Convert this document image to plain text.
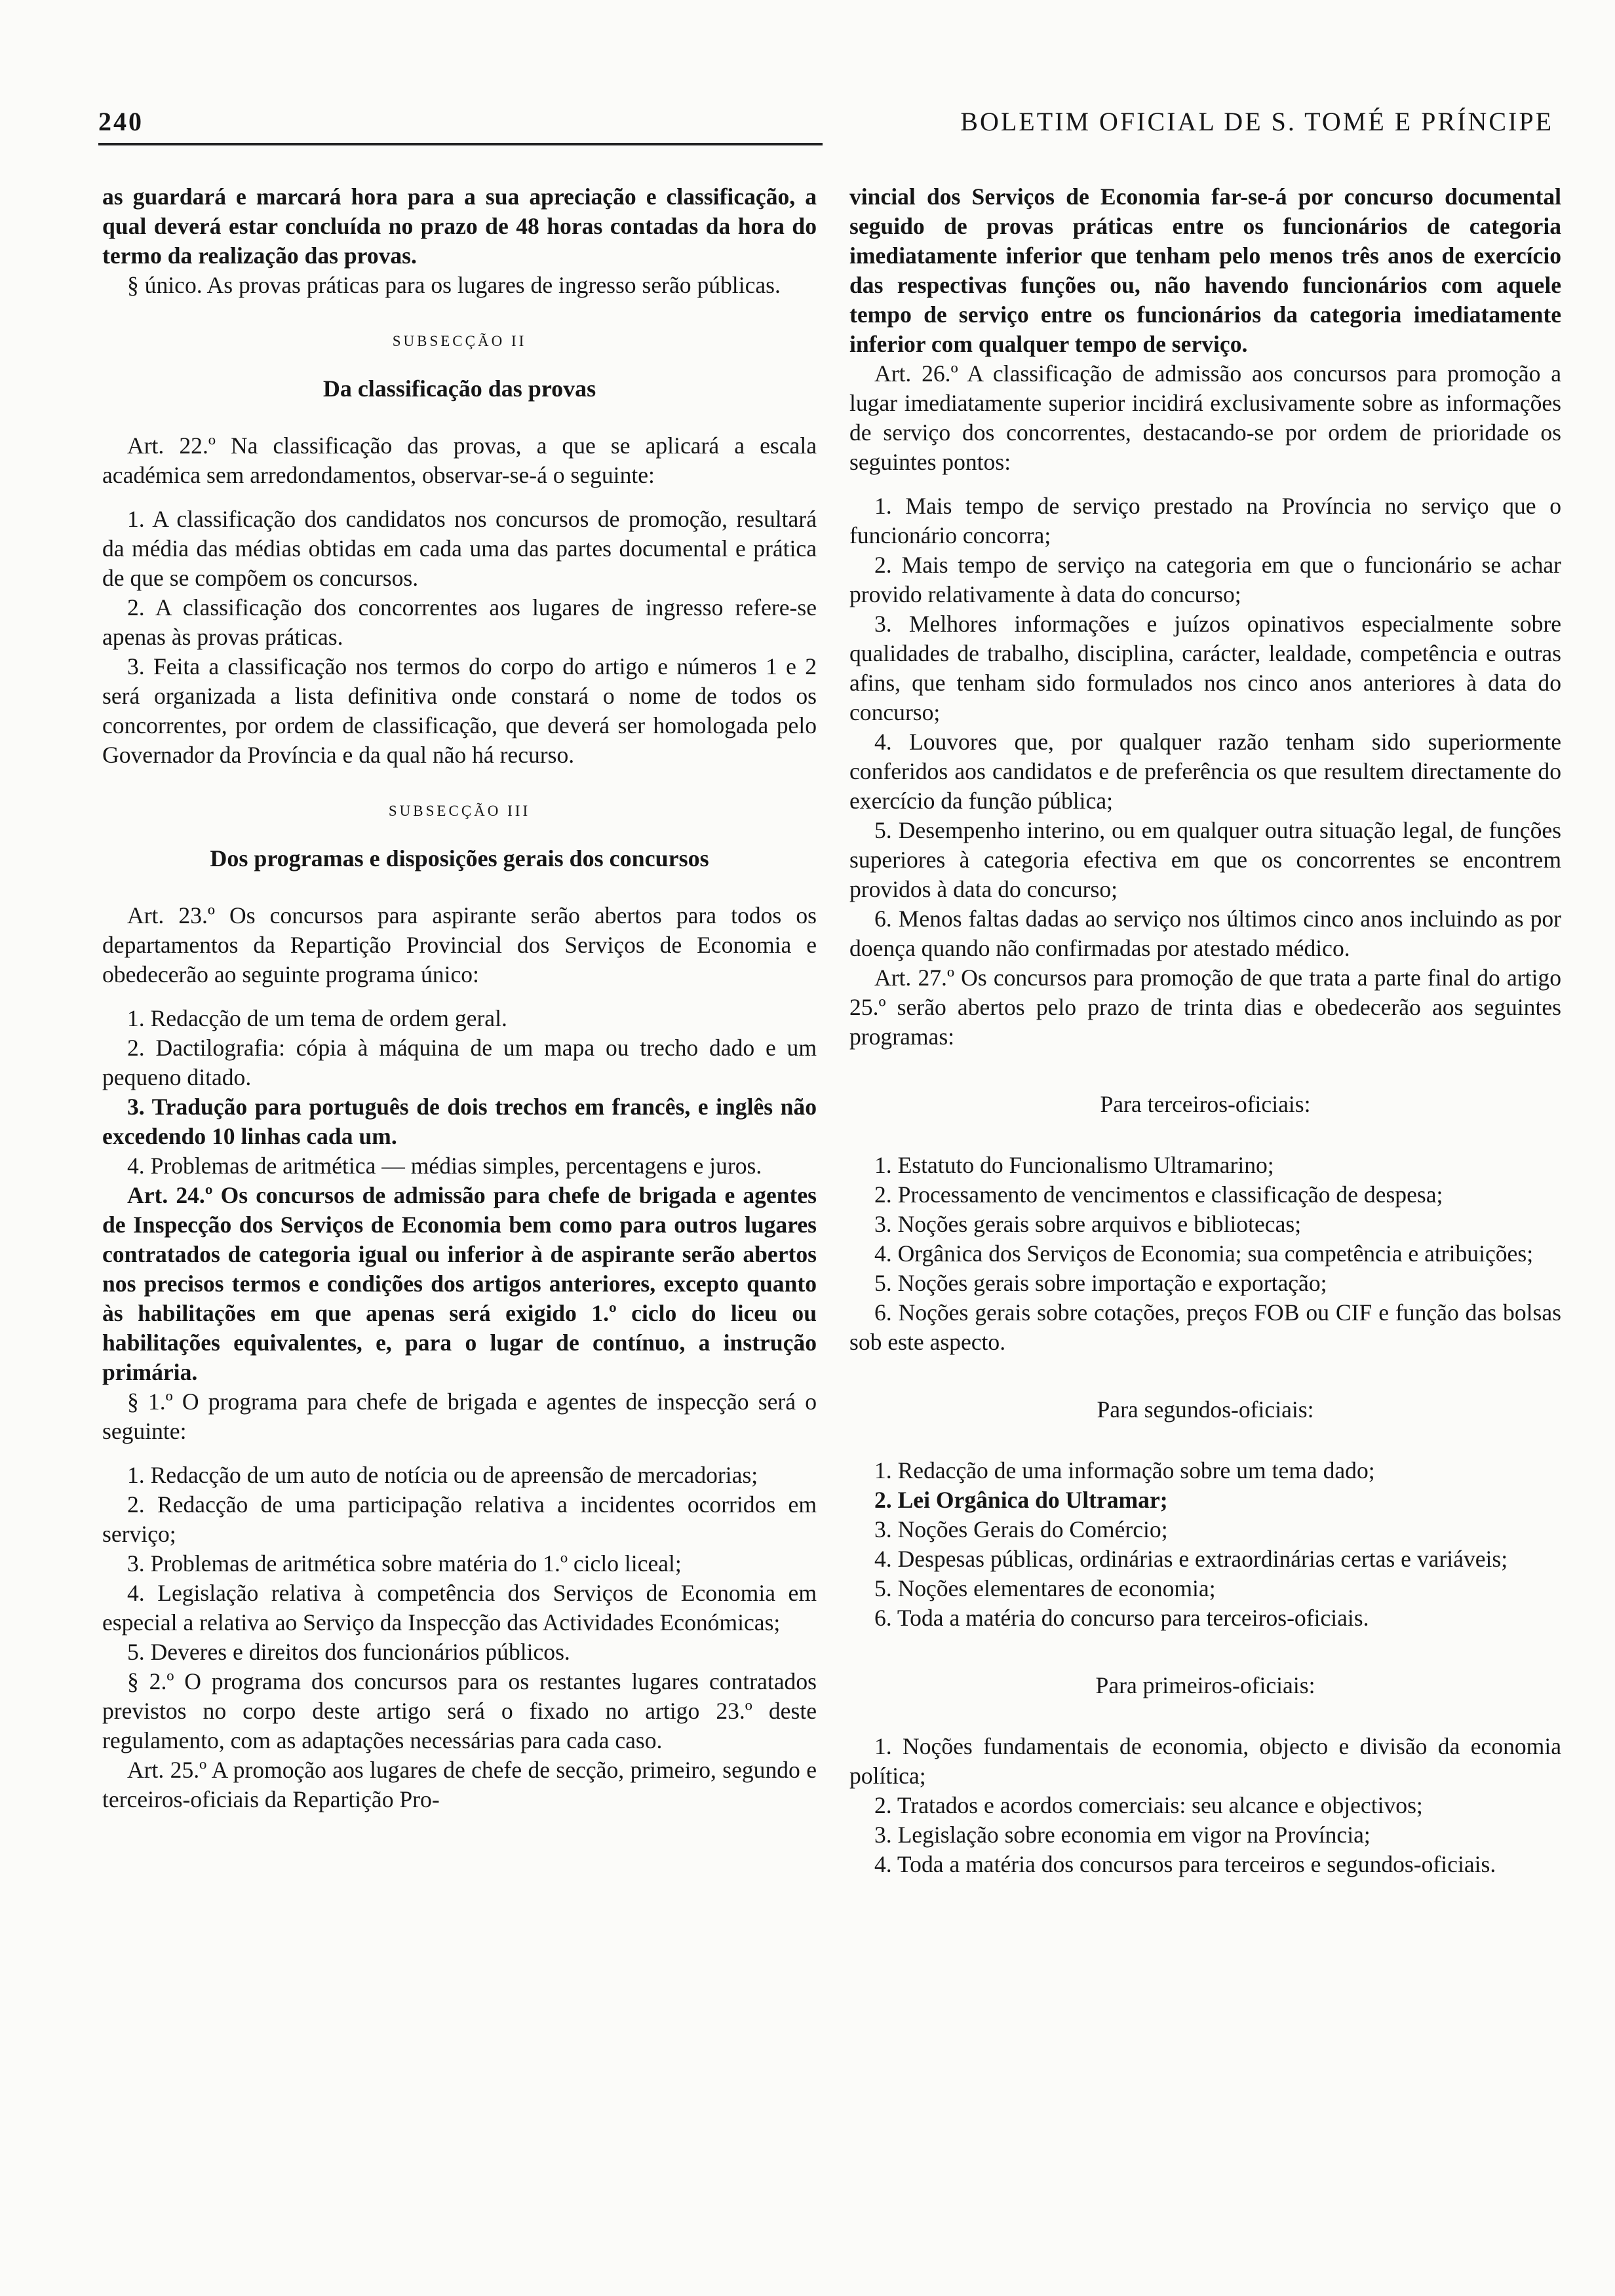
240	BOLETIM OFICIAL DE S. TOMÉ E PRÍNCIPE

as guardará e marcará hora para a sua apreciação e classificação, a qual deverá estar concluída no prazo de 48 horas contadas da hora do termo da realização das provas.

§ único. As provas práticas para os lugares de ingresso serão públicas.

SUBSECÇÃO II
Da classificação das provas

Art. 22.º Na classificação das provas, a que se aplicará a escala académica sem arredondamentos, observar-se-á o seguinte:

1. A classificação dos candidatos nos concursos de promoção, resultará da média das médias obtidas em cada uma das partes documental e prática de que se compõem os concursos.

2. A classificação dos concorrentes aos lugares de ingresso refere-se apenas às provas práticas.

3. Feita a classificação nos termos do corpo do artigo e números 1 e 2 será organizada a lista definitiva onde constará o nome de todos os concorrentes, por ordem de classificação, que deverá ser homologada pelo Governador da Província e da qual não há recurso.

SUBSECÇÃO III
Dos programas e disposições gerais dos concursos

Art. 23.º Os concursos para aspirante serão abertos para todos os departamentos da Repartição Provincial dos Serviços de Economia e obedecerão ao seguinte programa único:

1. Redacção de um tema de ordem geral.

2. Dactilografia: cópia à máquina de um mapa ou trecho dado e um pequeno ditado.

3. Tradução para português de dois trechos em francês, e inglês não excedendo 10 linhas cada um.

4. Problemas de aritmética — médias simples, percentagens e juros.

Art. 24.º Os concursos de admissão para chefe de brigada e agentes de Inspecção dos Serviços de Economia bem como para outros lugares contratados de categoria igual ou inferior à de aspirante serão abertos nos precisos termos e condições dos artigos anteriores, excepto quanto às habilitações em que apenas será exigido 1.º ciclo do liceu ou habilitações equivalentes, e, para o lugar de contínuo, a instrução primária.

§ 1.º O programa para chefe de brigada e agentes de inspecção será o seguinte:

1. Redacção de um auto de notícia ou de apreensão de mercadorias;

2. Redacção de uma participação relativa a incidentes ocorridos em serviço;

3. Problemas de aritmética sobre matéria do 1.º ciclo liceal;

4. Legislação relativa à competência dos Serviços de Economia em especial a relativa ao Serviço da Inspecção das Actividades Económicas;

5. Deveres e direitos dos funcionários públicos.

§ 2.º O programa dos concursos para os restantes lugares contratados previstos no corpo deste artigo será o fixado no artigo 23.º deste regulamento, com as adaptações necessárias para cada caso.

Art. 25.º A promoção aos lugares de chefe de secção, primeiro, segundo e terceiros-oficiais da Repartição Pro-

vincial dos Serviços de Economia far-se-á por concurso documental seguido de provas práticas entre os funcionários de categoria imediatamente inferior que tenham pelo menos três anos de exercício das respectivas funções ou, não havendo funcionários com aquele tempo de serviço entre os funcionários da categoria imediatamente inferior com qualquer tempo de serviço.

Art. 26.º A classificação de admissão aos concursos para promoção a lugar imediatamente superior incidirá exclusivamente sobre as informações de serviço dos concorrentes, destacando-se por ordem de prioridade os seguintes pontos:

1. Mais tempo de serviço prestado na Província no serviço que o funcionário concorra;

2. Mais tempo de serviço na categoria em que o funcionário se achar provido relativamente à data do concurso;

3. Melhores informações e juízos opinativos especialmente sobre qualidades de trabalho, disciplina, carácter, lealdade, competência e outras afins, que tenham sido formulados nos cinco anos anteriores à data do concurso;

4. Louvores que, por qualquer razão tenham sido superiormente conferidos aos candidatos e de preferência os que resultem directamente do exercício da função pública;

5. Desempenho interino, ou em qualquer outra situação legal, de funções superiores à categoria efectiva em que os concorrentes se encontrem providos à data do concurso;

6. Menos faltas dadas ao serviço nos últimos cinco anos incluindo as por doença quando não confirmadas por atestado médico.

Art. 27.º Os concursos para promoção de que trata a parte final do artigo 25.º serão abertos pelo prazo de trinta dias e obedecerão aos seguintes programas:

Para terceiros-oficiais:

1. Estatuto do Funcionalismo Ultramarino;

2. Processamento de vencimentos e classificação de despesa;

3. Noções gerais sobre arquivos e bibliotecas;

4. Orgânica dos Serviços de Economia; sua competência e atribuições;

5. Noções gerais sobre importação e exportação;

6. Noções gerais sobre cotações, preços FOB ou CIF e função das bolsas sob este aspecto.

Para segundos-oficiais:

1. Redacção de uma informação sobre um tema dado;

2. Lei Orgânica do Ultramar;

3. Noções Gerais do Comércio;

4. Despesas públicas, ordinárias e extraordinárias certas e variáveis;

5. Noções elementares de economia;

6. Toda a matéria do concurso para terceiros-oficiais.

Para primeiros-oficiais:

1. Noções fundamentais de economia, objecto e divisão da economia política;

2. Tratados e acordos comerciais: seu alcance e objectivos;

3. Legislação sobre economia em vigor na Província;

4. Toda a matéria dos concursos para terceiros e segundos-oficiais.
